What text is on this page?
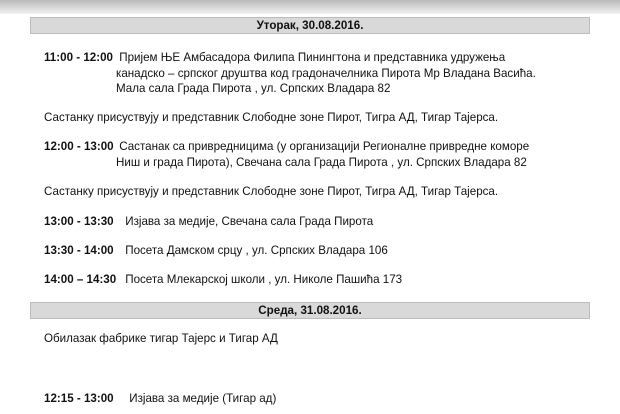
Уторак, 30.08.2016.
11:00 - 12:00 Пријем ЊЕ Амбасадора Филипа Пинингтона и представника удружења
канадско – српског друштва код градоначелника Пирота Мр Владана Васића.
Мала сала Града Пирота , ул. Српских Владара 82
Састанку присуствују и представник Слободне зоне Пирот, Тигра АД, Тигар Тајерса.
12:00 - 13:00 Састанак са привредницима (у организацији Регионалне привредне коморе
Ниш и града Пирота), Свечана сала Града Пирота , ул. Српских Владара 82
Састанку присуствују и представник Слободне зоне Пирот, Тигра АД, Тигар Тајерса.
13:00 - 13:30 Изјава за медије, Свечана сала Града Пирота
13:30 - 14:00 Посета Дамском срцу , ул. Српских Владара 106
14:00 – 14:30 Посета Млекарској школи , ул. Николе Пашића 173
Среда, 31.08.2016.
Обилазак фабрике тигар Тајерс и Тигар АД
12:15 - 13:00 Изјава за медије (Тигар ад)
